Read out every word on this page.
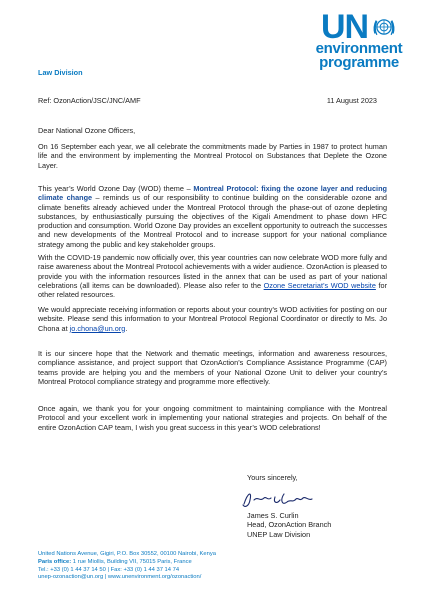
UN
environment
programme
Law Division
Ref: OzonAction/JSC/JNC/AMF	11 August 2023
Dear National Ozone Officers,

On 16 September each year, we all celebrate the commitments made by Parties in 1987 to protect human life and the environment by implementing the Montreal Protocol on Substances that Deplete the Ozone Layer.

This year’s World Ozone Day (WOD) theme – Montreal Protocol: fixing the ozone layer and reducing climate change – reminds us of our responsibility to continue building on the considerable ozone and climate benefits already achieved under the Montreal Protocol through the phase-out of ozone depleting substances, by enthusiastically pursuing the objectives of the Kigali Amendment to phase down HFC production and consumption. World Ozone Day provides an excellent opportunity to outreach the successes and new developments of the Montreal Protocol and to increase support for your national compliance strategy among the public and key stakeholder groups.

With the COVID-19 pandemic now officially over, this year countries can now celebrate WOD more fully and raise awareness about the Montreal Protocol achievements with a wider audience. OzonAction is pleased to provide you with the information resources listed in the annex that can be used as part of your national celebrations (all items can be downloaded). Please also refer to the Ozone Secretariat’s WOD website for other related resources.

We would appreciate receiving information or reports about your country’s WOD activities for posting on our website. Please send this information to your Montreal Protocol Regional Coordinator or directly to Ms. Jo Chona at jo.chona@un.org.

It is our sincere hope that the Network and thematic meetings, information and awareness resources, compliance assistance, and project support that OzonAction’s Compliance Assistance Programme (CAP) teams provide are helping you and the members of your National Ozone Unit to deliver your country’s Montreal Protocol compliance strategy and programme more effectively.

Once again, we thank you for your ongoing commitment to maintaining compliance with the Montreal Protocol and your excellent work in implementing your national strategies and projects. On behalf of the entire OzonAction CAP team, I wish you great success in this year’s WOD celebrations!

Yours sincerely,
James S. Curlin
Head, OzonAction Branch
UNEP Law Division
United Nations Avenue, Gigiri, P.O. Box 30552, 00100 Nairobi, Kenya
Paris office: 1 rue Miollis, Building VII, 75015 Paris, France
Tel.: +33 (0) 1 44 37 14 50 | Fax: +33 (0) 1 44 37 14 74
unep-ozonaction@un.org | www.unenvironment.org/ozonaction/
